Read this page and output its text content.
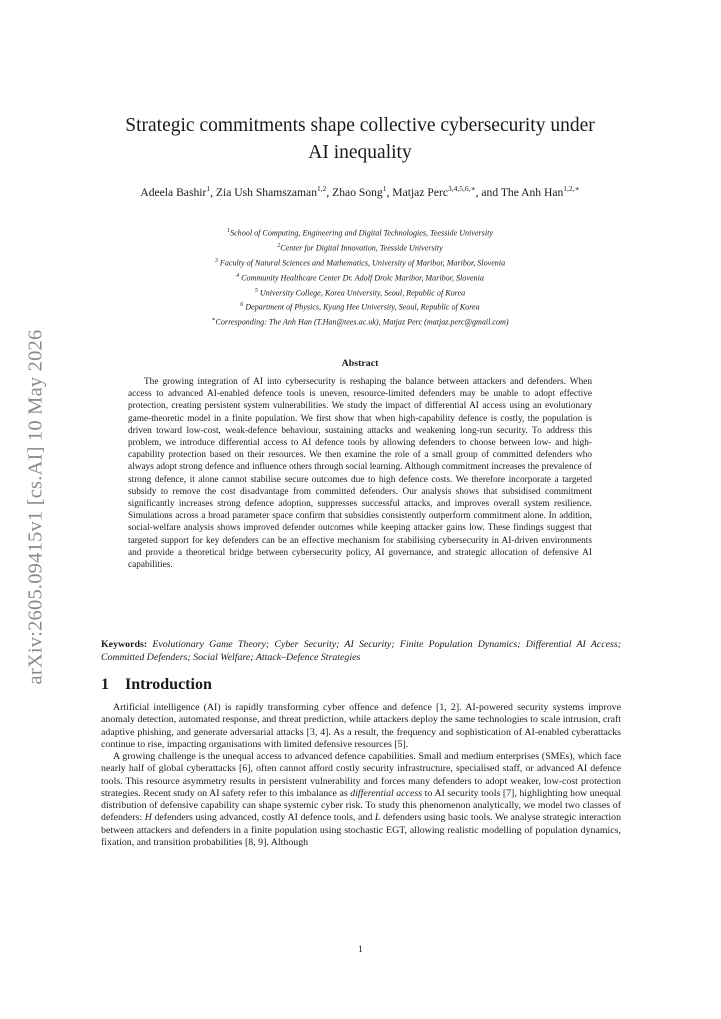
arXiv:2605.09415v1 [cs.AI] 10 May 2026
Strategic commitments shape collective cybersecurity under
AI inequality
Adeela Bashir$^1$, Zia Ush Shamszaman$^{1,2}$, Zhao Song$^1$, Matjaz Perc$^{3,4,5,6,∗}$, and The Anh Han$^{1,2,∗}$
$^1$School of Computing, Engineering and Digital Technologies, Teesside University
$^2$Center for Digital Innovation, Teesside University
$^3$ Faculty of Natural Sciences and Mathematics, University of Maribor, Maribor, Slovenia
$^4$ Community Healthcare Center Dr. Adolf Drolc Maribor, Maribor, Slovenia
$^5$ University College, Korea University, Seoul, Republic of Korea
$^6$ Department of Physics, Kyung Hee University, Seoul, Republic of Korea
∗Corresponding: The Anh Han (T.Han@tees.ac.uk), Matjaz Perc (matjaz.perc@gmail.com)
Abstract

The growing integration of AI into cybersecurity is reshaping the balance between attackers and defenders. When access to advanced AI-enabled defence tools is uneven, resource-limited defenders may be unable to adopt effective protection, creating persistent system vulnerabilities. We study the impact of differential AI access using an evolutionary game-theoretic model in a finite population. We first show that when high-capability defence is costly, the population is driven toward low-cost, weak-defence behaviour, sustaining attacks and weakening long-run security. To address this problem, we introduce differential access to AI defence tools by allowing defenders to choose between low- and high-capability protection based on their resources. We then examine the role of a small group of committed defenders who always adopt strong defence and influence others through social learning. Although commitment increases the prevalence of strong defence, it alone cannot stabilise secure outcomes due to high defence costs. We therefore incorporate a targeted subsidy to remove the cost disadvantage from committed defenders. Our analysis shows that subsidised commitment significantly increases strong defence adoption, suppresses successful attacks, and improves overall system resilience. Simulations across a broad parameter space confirm that subsidies consistently outperform commitment alone. In addition, social-welfare analysis shows improved defender outcomes while keeping attacker gains low. These findings suggest that targeted support for key defenders can be an effective mechanism for stabilising cybersecurity in AI-driven environments and provide a theoretical bridge between cybersecurity policy, AI governance, and strategic allocation of defensive AI capabilities.

Keywords: Evolutionary Game Theory; Cyber Security; AI Security; Finite Population Dynamics; Differential AI Access; Committed Defenders; Social Welfare; Attack–Defence Strategies
1 Introduction

Artificial intelligence (AI) is rapidly transforming cyber offence and defence [1, 2]. AI-powered security systems improve anomaly detection, automated response, and threat prediction, while attackers deploy the same technologies to scale intrusion, craft adaptive phishing, and generate adversarial attacks [3, 4]. As a result, the frequency and sophistication of AI-enabled cyberattacks continue to rise, impacting organisations with limited defensive resources [5].

A growing challenge is the unequal access to advanced defence capabilities. Small and medium enterprises (SMEs), which face nearly half of global cyberattacks [6], often cannot afford costly security infrastructure, specialised staff, or advanced AI defence tools. This resource asymmetry results in persistent vulnerability and forces many defenders to adopt weaker, low-cost protection strategies. Recent study on AI safety refer to this imbalance as differential access to AI security tools [7], highlighting how unequal distribution of defensive capability can shape systemic cyber risk. To study this phenomenon analytically, we model two classes of defenders: H defenders using advanced, costly AI defence tools, and L defenders using basic tools. We analyse strategic interaction between attackers and defenders in a finite population using stochastic EGT, allowing realistic modelling of population dynamics, fixation, and transition probabilities [8, 9]. Although

1
